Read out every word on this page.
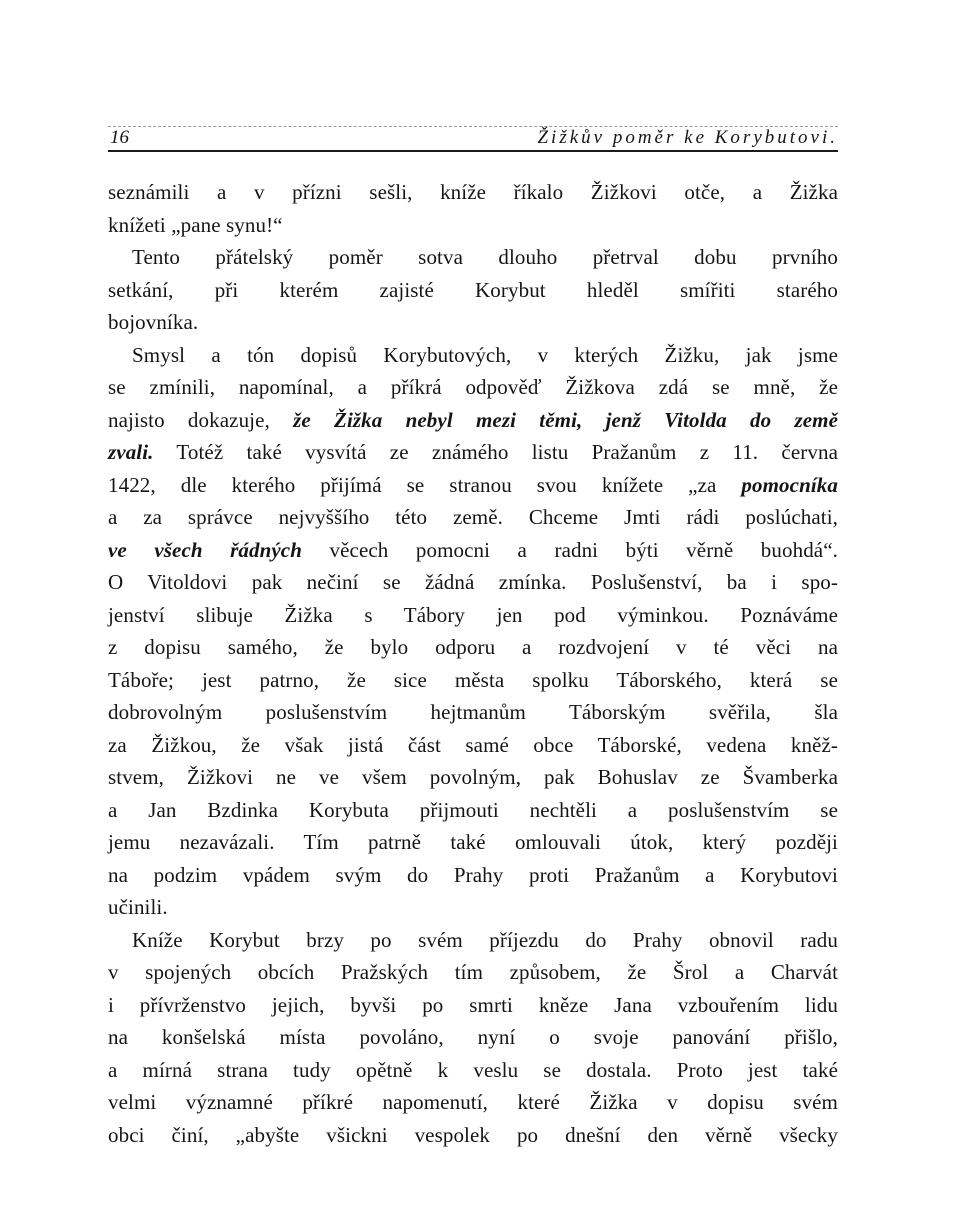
16	Žižkův poměr ke Korybutovi.
seznámili a v přízni sešli, kníže říkalo Žižkovi otče, a Žižka
knížeti „pane synu!“
Tento přátelský poměr sotva dlouho přetrval dobu prvního
setkání, při kterém zajisté Korybut hleděl smířiti starého
bojovníka.
Smysl a tón dopisů Korybutových, v kterých Žižku, jak jsme
se zmínili, napomínal, a příkrá odpověď Žižkova zdá se mně, že
najisto dokazuje, že Žižka nebyl mezi těmi, jenž Vitolda do země
zvali. Totéž také vysvítá ze známého listu Pražanům z 11. června
1422, dle kterého přijímá se stranou svou knížete „za pomocníka
a za správce nejvyššího této země. Chceme Jmti rádi poslúchati,
ve všech řádných věcech pomocni a radni býti věrně buohdá“.
O Vitoldovi pak nečiní se žádná zmínka. Poslušenství, ba i spo-
jenství slibuje Žižka s Tábory jen pod výminkou. Poznáváme
z dopisu samého, že bylo odporu a rozdvojení v té věci na
Táboře; jest patrno, že sice města spolku Táborského, která se
dobrovolným poslušenstvím hejtmanům Táborským svěřila, šla
za Žižkou, že však jistá část samé obce Táborské, vedena kněž-
stvem, Žižkovi ne ve všem povolným, pak Bohuslav ze Švamberka
a Jan Bzdinka Korybuta přijmouti nechtěli a poslušenstvím se
jemu nezavázali. Tím patrně také omlouvali útok, který později
na podzim vpádem svým do Prahy proti Pražanům a Korybutovi
učinili.
Kníže Korybut brzy po svém příjezdu do Prahy obnovil radu
v spojených obcích Pražských tím způsobem, že Šrol a Charvát
i přívrženstvo jejich, byvši po smrti kněze Jana vzbouřením lidu
na konšelská místa povoláno, nyní o svoje panování přišlo,
a mírná strana tudy opětně k veslu se dostala. Proto jest také
velmi významné příkré napomenutí, které Žižka v dopisu svém
obci činí, „abyšte všickni vespolek po dnešní den věrně všecky
